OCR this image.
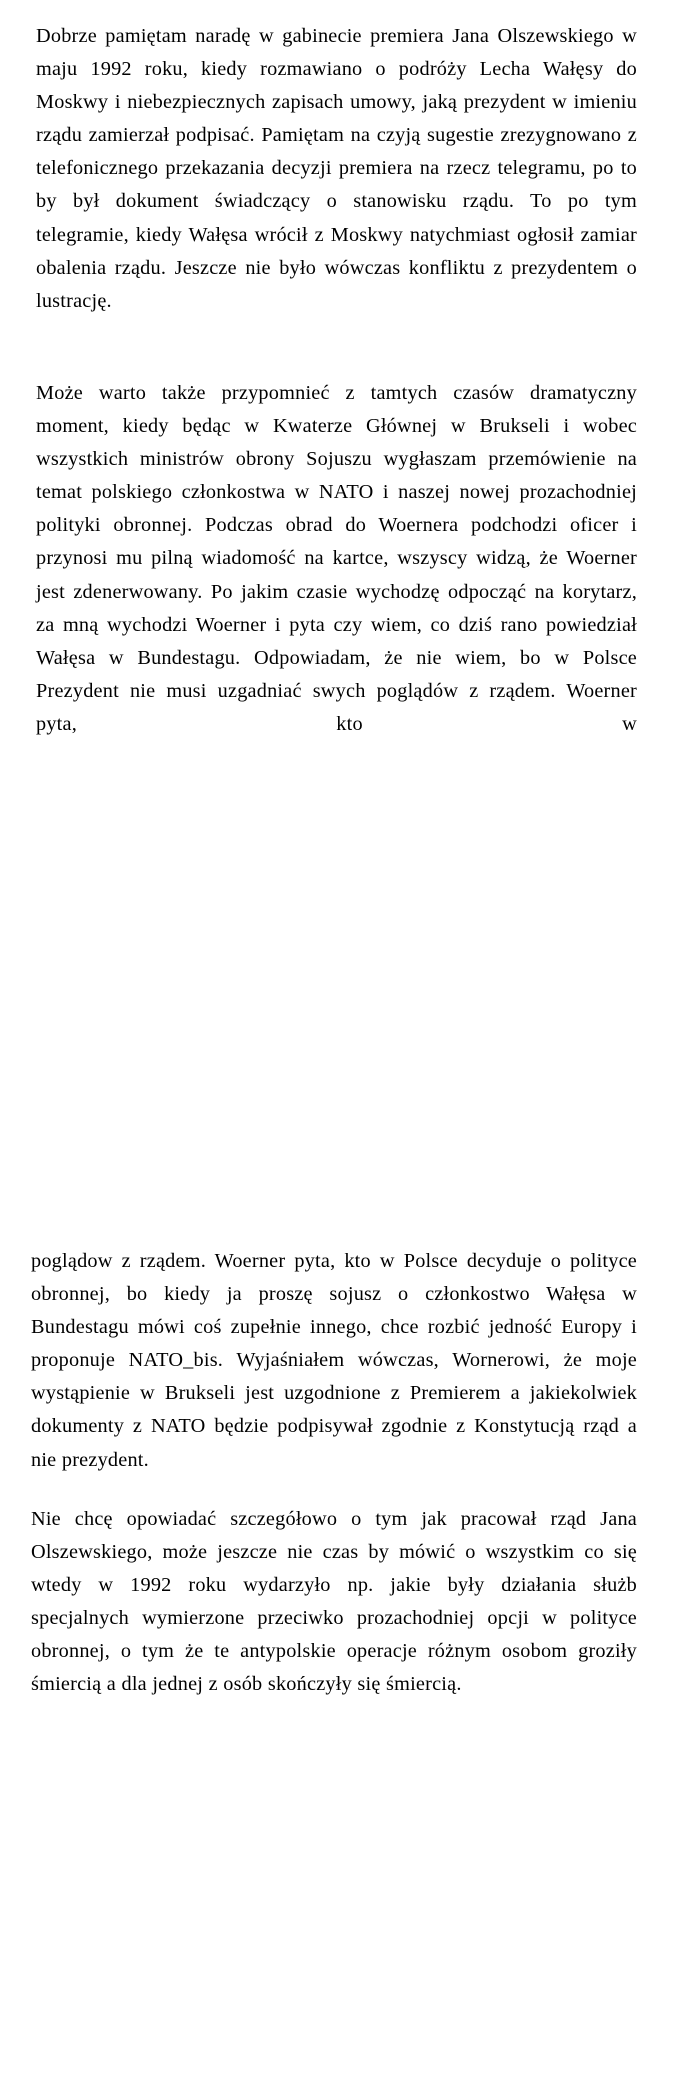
Dobrze pamiętam naradę w gabinecie premiera Jana Olszewskiego w maju 1992 roku, kiedy rozmawiano o podróży Lecha Wałęsy do Moskwy i niebezpiecznych zapisach umowy, jaką prezydent w imieniu rządu zamierzał podpisać. Pamiętam na czyją sugestie zrezygnowano z telefonicznego przekazania decyzji premiera na rzecz telegramu, po to by był dokument świadczący o stanowisku rządu. To po tym telegramie, kiedy Wałęsa wrócił z Moskwy natychmiast ogłosił zamiar obalenia rządu. Jeszcze nie było wówczas konfliktu z prezydentem o lustrację.

Może warto także przypomnieć z tamtych czasów dramatyczny moment, kiedy będąc w Kwaterze Głównej w Brukseli i wobec wszystkich ministrów obrony Sojuszu wygłaszam przemówienie na temat polskiego członkostwa w NATO i naszej nowej prozachodniej polityki obronnej. Podczas obrad do Woernera podchodzi oficer i przynosi mu pilną wiadomość na kartce, wszyscy widzą, że Woerner jest zdenerwowany. Po jakim czasie wychodzę odpocząć na korytarz, za mną wychodzi Woerner i pyta czy wiem, co dziś rano powiedział Wałęsa w Bundestagu. Odpowiadam, że nie wiem, bo w Polsce Prezydent nie musi uzgadniać swych poglądów z rządem. Woerner pyta, kto w

poglądow z rządem. Woerner pyta, kto w Polsce decyduje o polityce obronnej, bo kiedy ja proszę sojusz o członkostwo Wałęsa w Bundestagu mówi coś zupełnie innego, chce rozbić jedność Europy i proponuje NATO_bis. Wyjaśniałem wówczas, Wornerowi, że moje wystąpienie w Brukseli jest uzgodnione z Premierem a jakiekolwiek dokumenty z NATO będzie podpisywał zgodnie z Konstytucją rząd a nie prezydent.

Nie chcę opowiadać szczegółowo o tym jak pracował rząd Jana Olszewskiego, może jeszcze nie czas by mówić o wszystkim co się wtedy w 1992 roku wydarzyło np. jakie były działania służb specjalnych wymierzone przeciwko prozachodniej opcji w polityce obronnej, o tym że te antypolskie operacje różnym osobom groziły śmiercią a dla jednej z osób skończyły się śmiercią.
